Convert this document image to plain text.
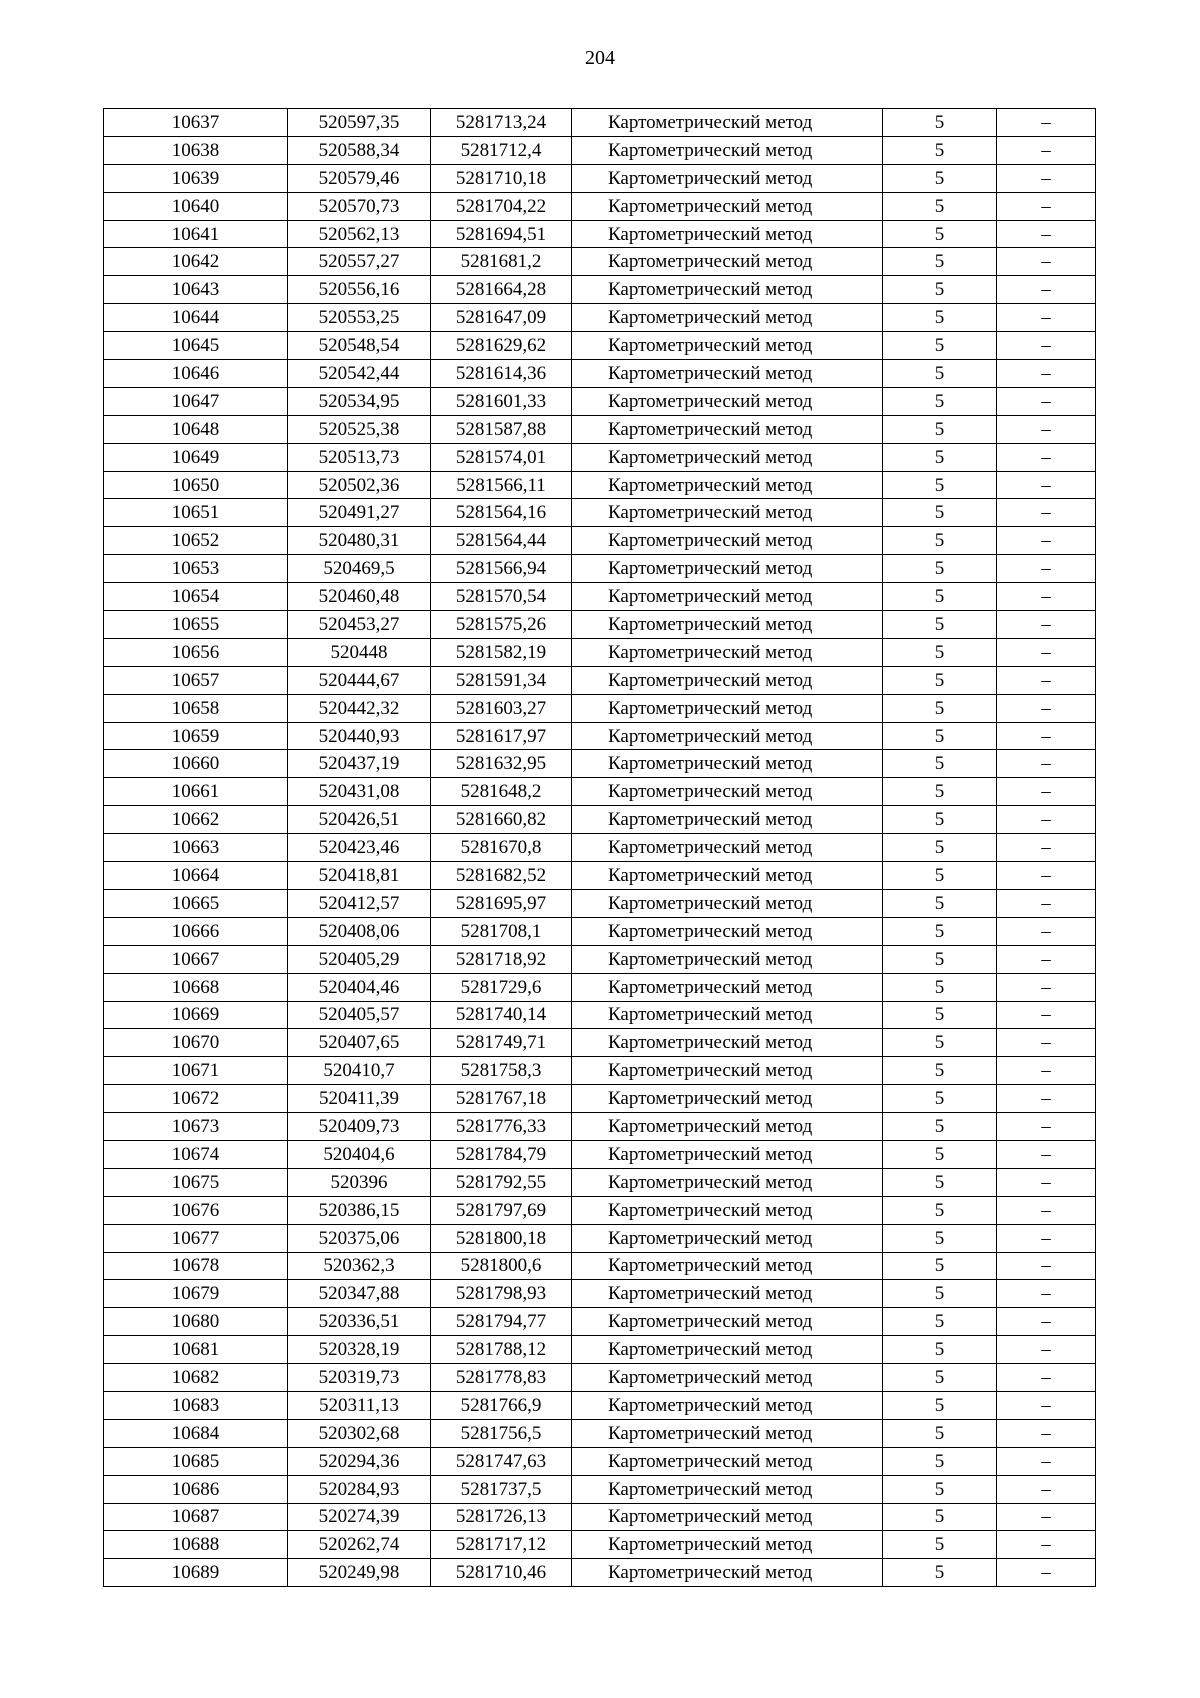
204
10637	520597,35	5281713,24	Картометрический метод	5	–
10638	520588,34	5281712,4	Картометрический метод	5	–
10639	520579,46	5281710,18	Картометрический метод	5	–
10640	520570,73	5281704,22	Картометрический метод	5	–
10641	520562,13	5281694,51	Картометрический метод	5	–
10642	520557,27	5281681,2	Картометрический метод	5	–
10643	520556,16	5281664,28	Картометрический метод	5	–
10644	520553,25	5281647,09	Картометрический метод	5	–
10645	520548,54	5281629,62	Картометрический метод	5	–
10646	520542,44	5281614,36	Картометрический метод	5	–
10647	520534,95	5281601,33	Картометрический метод	5	–
10648	520525,38	5281587,88	Картометрический метод	5	–
10649	520513,73	5281574,01	Картометрический метод	5	–
10650	520502,36	5281566,11	Картометрический метод	5	–
10651	520491,27	5281564,16	Картометрический метод	5	–
10652	520480,31	5281564,44	Картометрический метод	5	–
10653	520469,5	5281566,94	Картометрический метод	5	–
10654	520460,48	5281570,54	Картометрический метод	5	–
10655	520453,27	5281575,26	Картометрический метод	5	–
10656	520448	5281582,19	Картометрический метод	5	–
10657	520444,67	5281591,34	Картометрический метод	5	–
10658	520442,32	5281603,27	Картометрический метод	5	–
10659	520440,93	5281617,97	Картометрический метод	5	–
10660	520437,19	5281632,95	Картометрический метод	5	–
10661	520431,08	5281648,2	Картометрический метод	5	–
10662	520426,51	5281660,82	Картометрический метод	5	–
10663	520423,46	5281670,8	Картометрический метод	5	–
10664	520418,81	5281682,52	Картометрический метод	5	–
10665	520412,57	5281695,97	Картометрический метод	5	–
10666	520408,06	5281708,1	Картометрический метод	5	–
10667	520405,29	5281718,92	Картометрический метод	5	–
10668	520404,46	5281729,6	Картометрический метод	5	–
10669	520405,57	5281740,14	Картометрический метод	5	–
10670	520407,65	5281749,71	Картометрический метод	5	–
10671	520410,7	5281758,3	Картометрический метод	5	–
10672	520411,39	5281767,18	Картометрический метод	5	–
10673	520409,73	5281776,33	Картометрический метод	5	–
10674	520404,6	5281784,79	Картометрический метод	5	–
10675	520396	5281792,55	Картометрический метод	5	–
10676	520386,15	5281797,69	Картометрический метод	5	–
10677	520375,06	5281800,18	Картометрический метод	5	–
10678	520362,3	5281800,6	Картометрический метод	5	–
10679	520347,88	5281798,93	Картометрический метод	5	–
10680	520336,51	5281794,77	Картометрический метод	5	–
10681	520328,19	5281788,12	Картометрический метод	5	–
10682	520319,73	5281778,83	Картометрический метод	5	–
10683	520311,13	5281766,9	Картометрический метод	5	–
10684	520302,68	5281756,5	Картометрический метод	5	–
10685	520294,36	5281747,63	Картометрический метод	5	–
10686	520284,93	5281737,5	Картометрический метод	5	–
10687	520274,39	5281726,13	Картометрический метод	5	–
10688	520262,74	5281717,12	Картометрический метод	5	–
10689	520249,98	5281710,46	Картометрический метод	5	–
